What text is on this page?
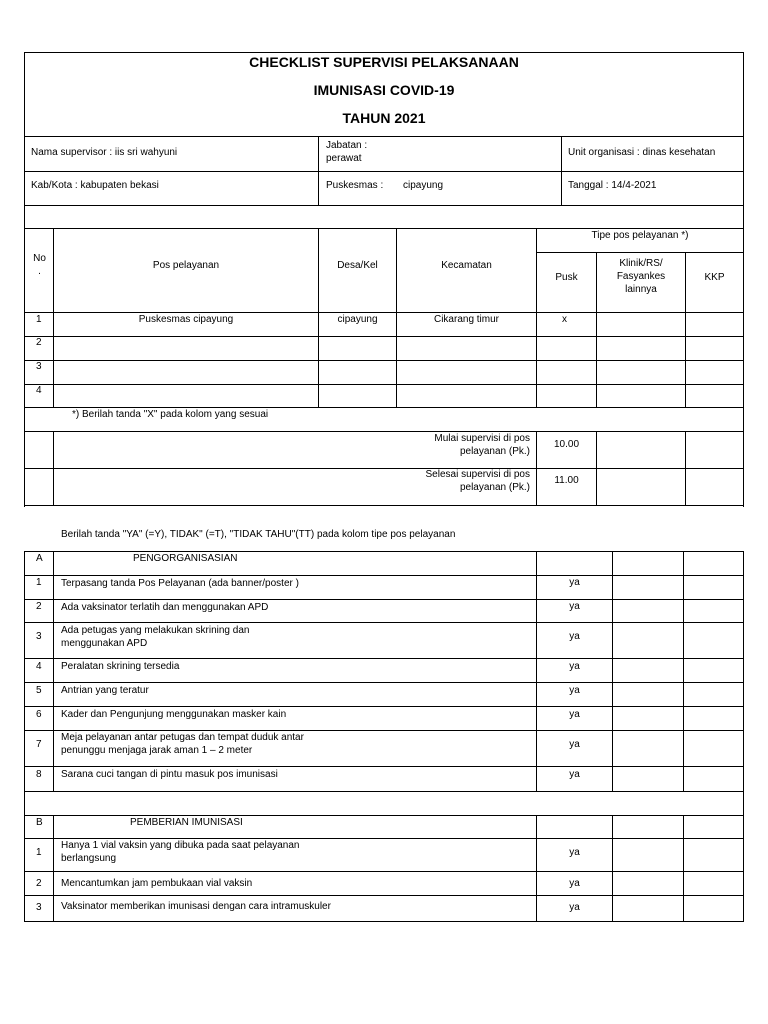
CHECKLIST SUPERVISI PELAKSANAAN
IMUNISASI COVID-19
TAHUN 2021
Nama supervisor : iis sri wahyuni
Jabatan :
perawat
Unit organisasi : dinas kesehatan
Kab/Kota : kabupaten bekasi	Puskesmas : cipayung	Tanggal : 14/4-2021
No
.
Pos pelayanan	Desa/Kel	Kecamatan
Tipe pos pelayanan *)
Pusk
Klinik/RS/
Fasyankes
lainnya
KKP
1	Puskesmas cipayung	cipayung	Cikarang timur	x
2
3
4
*) Berilah tanda "X" pada kolom yang sesuai
Mulai supervisi di pos
pelayanan (Pk.)
10.00
Selesai supervisi di pos
pelayanan (Pk.)
11.00
Berilah tanda "YA" (=Y), TIDAK" (=T), "TIDAK TAHU"(TT) pada kolom tipe pos pelayanan
A	PENGORGANISASIAN
1 Terpasang tanda Pos Pelayanan (ada banner/poster )	ya
2 Ada vaksinator terlatih dan menggunakan APD	ya
3
Ada petugas yang melakukan skrining dan
menggunakan APD
ya
4 Peralatan skrining tersedia	ya
5 Antrian yang teratur	ya
6 Kader dan Pengunjung menggunakan masker kain	ya
7
Meja pelayanan antar petugas dan tempat duduk antar
penunggu menjaga jarak aman 1 – 2 meter
ya
8 Sarana cuci tangan di pintu masuk pos imunisasi	ya
B	PEMBERIAN IMUNISASI
1
Hanya 1 vial vaksin yang dibuka pada saat pelayanan
berlangsung
ya
2 Mencantumkan jam pembukaan vial vaksin	ya
3 Vaksinator memberikan imunisasi dengan cara intramuskuler	ya
